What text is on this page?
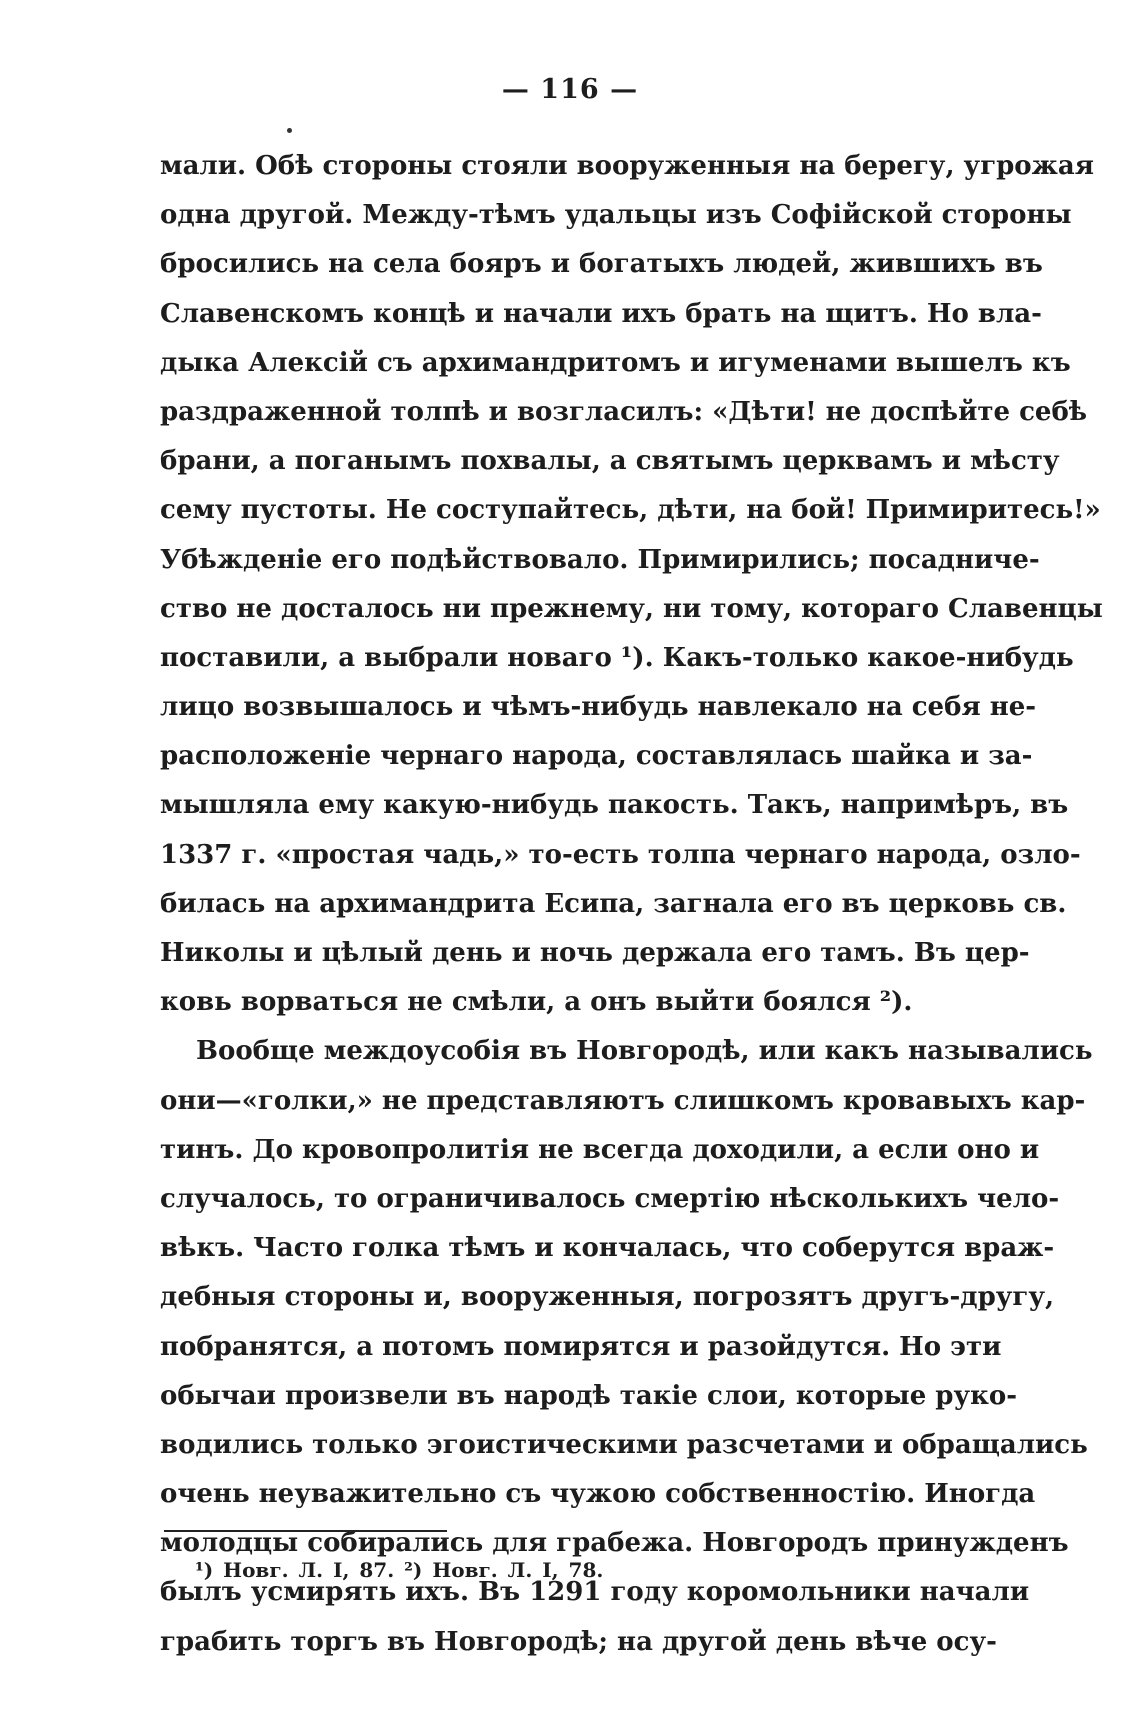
— 116 —
мали. Обѣ стороны стояли вооруженныя на берегу, угрожая
одна другой. Между-тѣмъ удальцы изъ Софійской стороны
бросились на села бояръ и богатыхъ людей, жившихъ въ
Славенскомъ концѣ и начали ихъ брать на щитъ. Но вла-
дыка Алексій съ архимандритомъ и игуменами вышелъ къ
раздраженной толпѣ и возгласилъ: «Дѣти! не доспѣйте себѣ
брани, а поганымъ похвалы, а святымъ церквамъ и мѣсту
сему пустоты. Не соступайтесь, дѣти, на бой! Примиритесь!»
Убѣжденіе его подѣйствовало. Примирились; посадниче-
ство не досталось ни прежнему, ни тому, котораго Славенцы
поставили, а выбрали новаго ¹). Какъ-только какое-нибудь
лицо возвышалось и чѣмъ-нибудь навлекало на себя не-
расположеніе чернаго народа, составлялась шайка и за-
мышляла ему какую-нибудь пакость. Такъ, напримѣръ, въ
1337 г. «простая чадь,» то-есть толпа чернаго народа, озло-
билась на архимандрита Есипа, загнала его въ церковь св.
Николы и цѣлый день и ночь держала его тамъ. Въ цер-
ковь ворваться не смѣли, а онъ выйти боялся ²).
Вообще междоусобія въ Новгородѣ, или какъ назывались
они—«голки,» не представляютъ слишкомъ кровавыхъ кар-
тинъ. До кровопролитія не всегда доходили, а если оно и
случалось, то ограничивалось смертію нѣсколькихъ чело-
вѣкъ. Часто голка тѣмъ и кончалась, что соберутся враж-
дебныя стороны и, вооруженныя, погрозятъ другъ-другу,
побранятся, а потомъ помирятся и разойдутся. Но эти
обычаи произвели въ народѣ такіе слои, которые руко-
водились только эгоистическими разсчетами и обращались
очень неуважительно съ чужою собственностію. Иногда
молодцы собирались для грабежа. Новгородъ принужденъ
былъ усмирять ихъ. Въ 1291 году коромольники начали
грабить торгъ въ Новгородѣ; на другой день вѣче осу-
¹) Новг. Л. I, 87. ²) Новг. Л. I, 78.
